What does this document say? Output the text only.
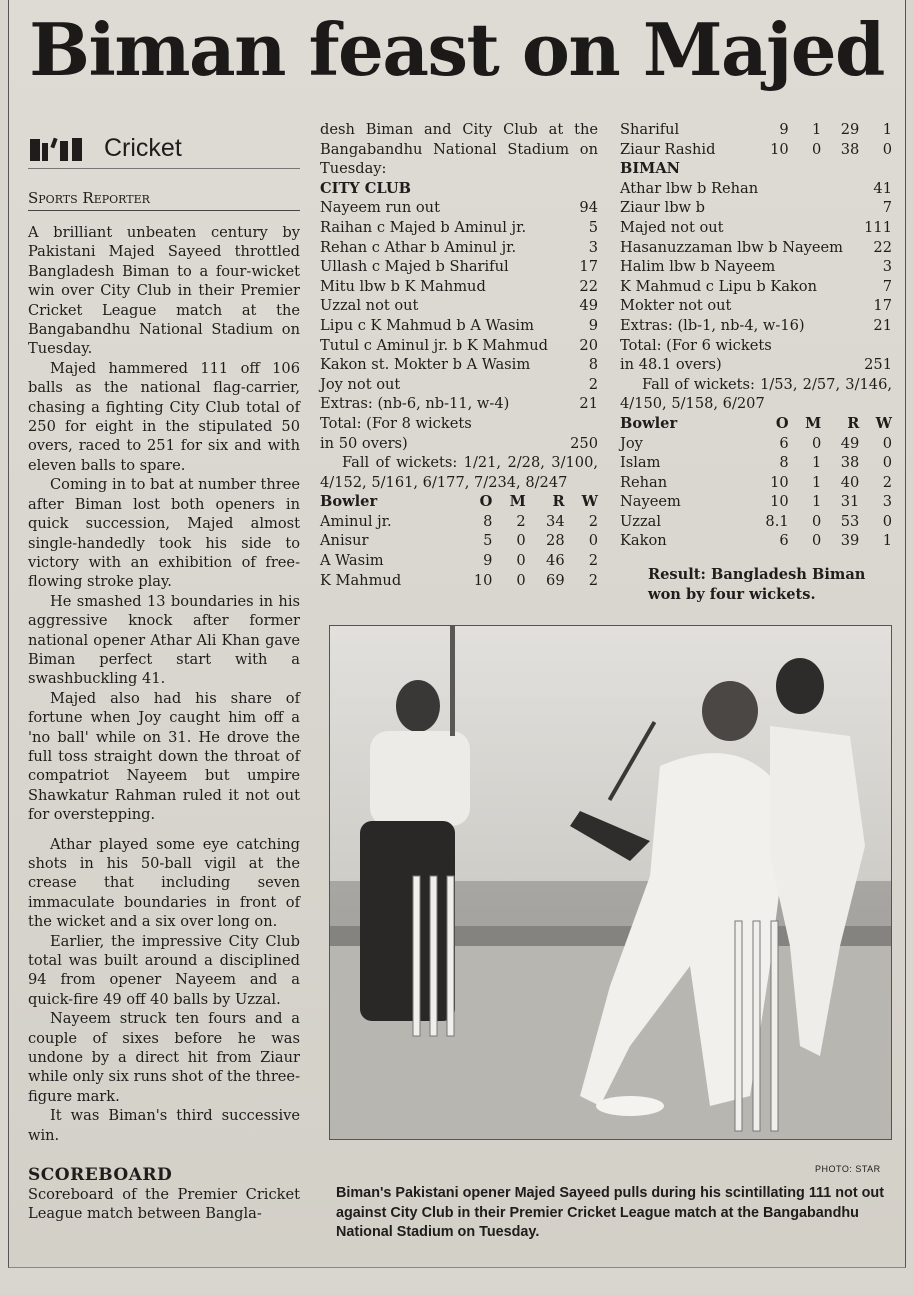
Biman feast on Majed
Cricket
Sports Reporter

A brilliant unbeaten century by Pakistani Majed Sayeed throttled Bangladesh Biman to a four-wicket win over City Club in their Premier Cricket League match at the Bangabandhu National Stadium on Tuesday.

Majed hammered 111 off 106 balls as the national flag-carrier, chasing a fighting City Club total of 250 for eight in the stipulated 50 overs, raced to 251 for six and with eleven balls to spare.

Coming in to bat at number three after Biman lost both openers in quick succession, Majed almost single-handedly took his side to victory with an exhibition of free-flowing stroke play.

He smashed 13 boundaries in his aggressive knock after former national opener Athar Ali Khan gave Biman perfect start with a swashbuckling 41.

Majed also had his share of fortune when Joy caught him off a 'no ball' while on 31. He drove the full toss straight down the throat of compatriot Nayeem but umpire Shawkatur Rahman ruled it not out for overstepping.

Athar played some eye catching shots in his 50-ball vigil at the crease that including seven immaculate boundaries in front of the wicket and a six over long on.

Earlier, the impressive City Club total was built around a disciplined 94 from opener Nayeem and a quick-fire 49 off 40 balls by Uzzal.

Nayeem struck ten fours and a couple of sixes before he was undone by a direct hit from Ziaur while only six runs shot of the three-figure mark.

It was Biman's third successive win.

SCOREBOARD
Scoreboard of the Premier Cricket League match between Bangla-
desh Biman and City Club at the Bangabandhu National Stadium on Tuesday:
CITY CLUB
Nayeem run out	94
Raihan c Majed b Aminul jr.	5
Rehan c Athar b Aminul jr.	3
Ullash c Majed b Shariful	17
Mitu lbw b K Mahmud	22
Uzzal not out	49
Lipu c K Mahmud b A Wasim	9
Tutul c Aminul jr. b K Mahmud 20
Kakon st. Mokter b A Wasim	8
Joy not out	2
Extras: (nb-6, nb-11, w-4)	21
Total: (For 8 wickets
in 50 overs)	250
Fall of wickets: 1/21, 2/28, 3/100, 4/152, 5/161, 6/177, 7/234, 8/247
Bowler	O	M	R	W
Aminul jr.	8	2	34	2
Anisur	5	0	28	0
A Wasim	9	0	46	2
K Mahmud	10	0	69	2
Shariful	9	1	29	1
Ziaur Rashid	10	0	38	0
BIMAN
Athar lbw b Rehan	41
Ziaur lbw b	7
Majed not out	111
Hasanuzzaman lbw b Nayeem 22
Halim lbw b Nayeem	3
K Mahmud c Lipu b Kakon	7
Mokter not out	17
Extras: (lb-1, nb-4, w-16)	21
Total: (For 6 wickets
in 48.1 overs)	251
Fall of wickets: 1/53, 2/57, 3/146, 4/150, 5/158, 6/207
Bowler	O	M	R	W
Joy	6	0	49	0
Islam	8	1	38	0
Rehan	10	1	40	2
Nayeem	10	1	31	3
Uzzal	8.1	0	53	0
Kakon	6	0	39	1
Result: Bangladesh Biman won by four wickets.
PHOTO: STAR
Biman's Pakistani opener Majed Sayeed pulls during his scintillating 111 not out against City Club in their Premier Cricket League match at the Bangabandhu National Stadium on Tuesday.
